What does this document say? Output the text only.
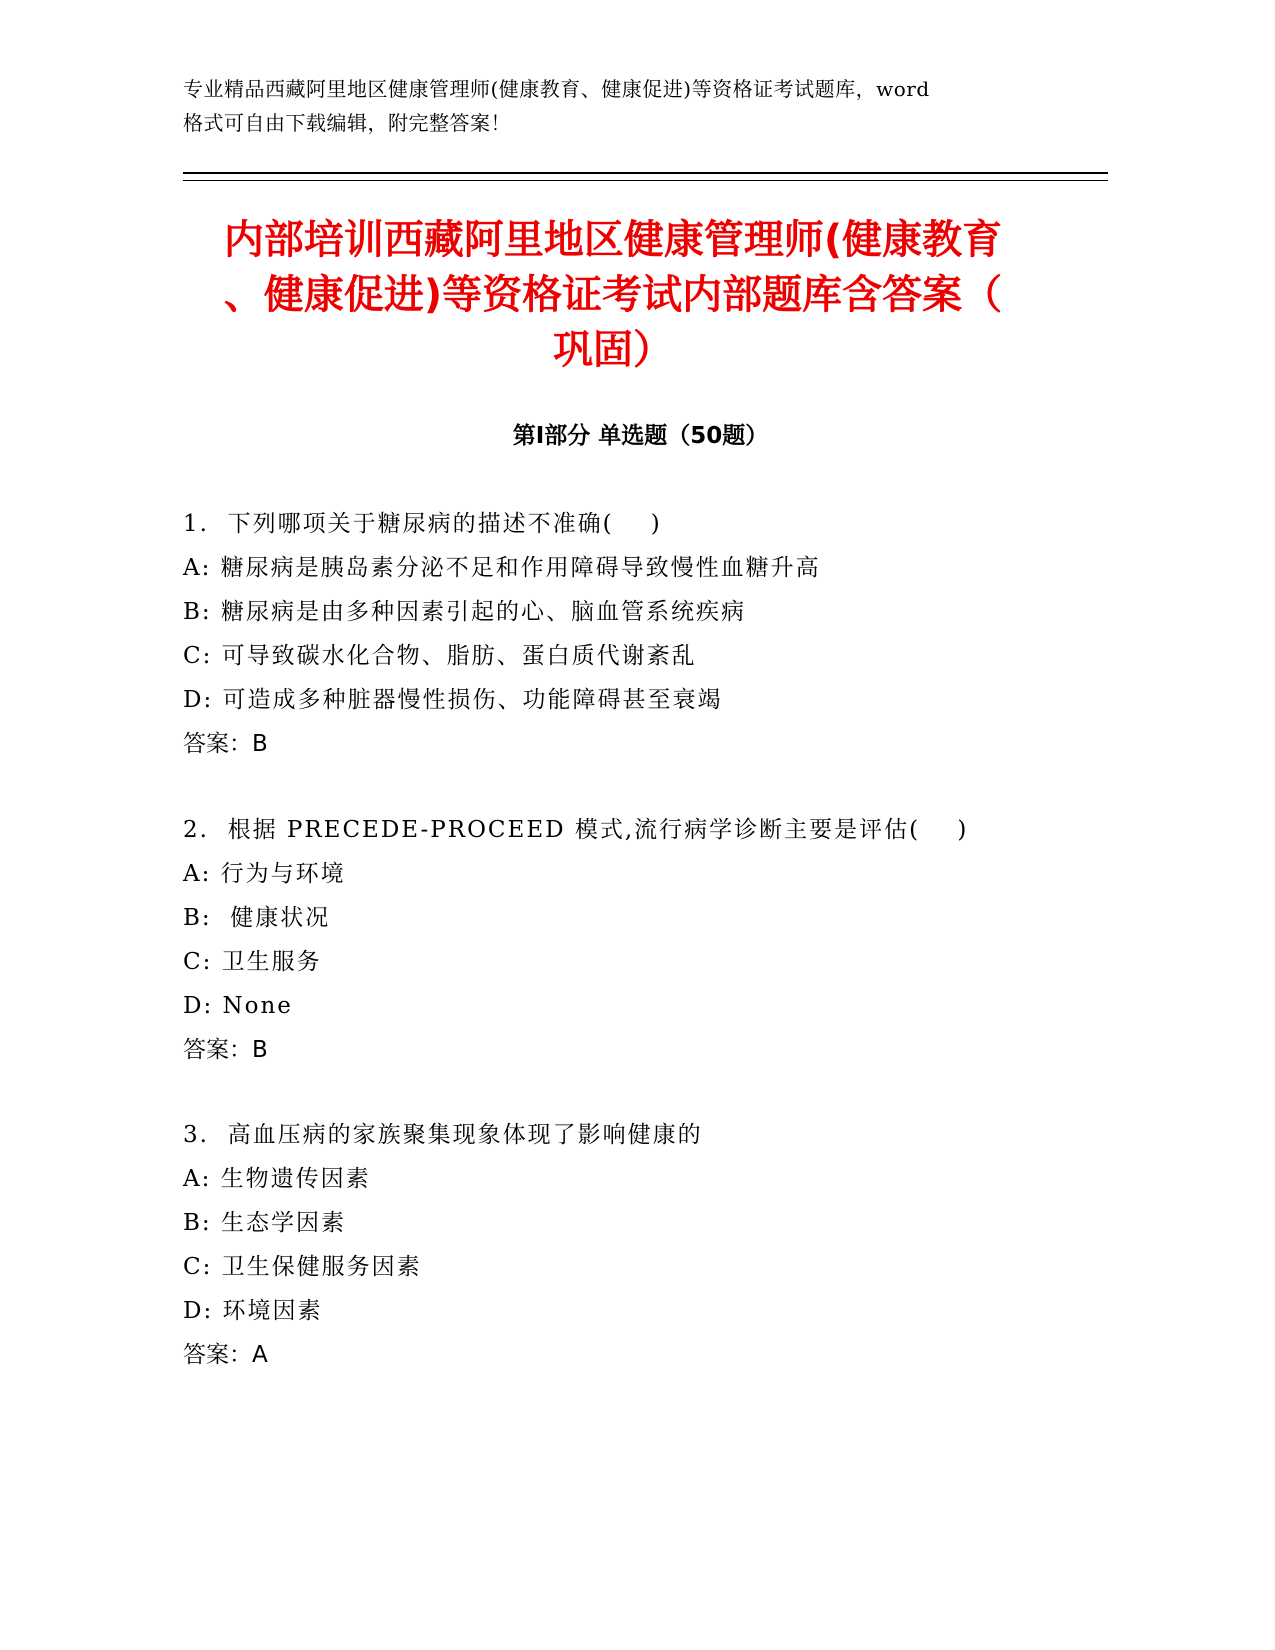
专业精品西藏阿里地区健康管理师(健康教育、健康促进)等资格证考试题库，word
格式可自由下载编辑，附完整答案！
内部培训西藏阿里地区健康管理师(健康教育
、健康促进)等资格证考试内部题库含答案（
巩固）
第Ⅰ部分 单选题（50题）
1.  下列哪项关于糖尿病的描述不准确(    )
A: 糖尿病是胰岛素分泌不足和作用障碍导致慢性血糖升高
B: 糖尿病是由多种因素引起的心、脑血管系统疾病
C: 可导致碳水化合物、脂肪、蛋白质代谢紊乱
D: 可造成多种脏器慢性损伤、功能障碍甚至衰竭
答案：B
2.  根据 PRECEDE-PROCEED 模式,流行病学诊断主要是评估(    )
A: 行为与环境
B:  健康状况
C: 卫生服务
D: None
答案：B
3.  高血压病的家族聚集现象体现了影响健康的
A: 生物遗传因素
B: 生态学因素
C: 卫生保健服务因素
D: 环境因素
答案：A
